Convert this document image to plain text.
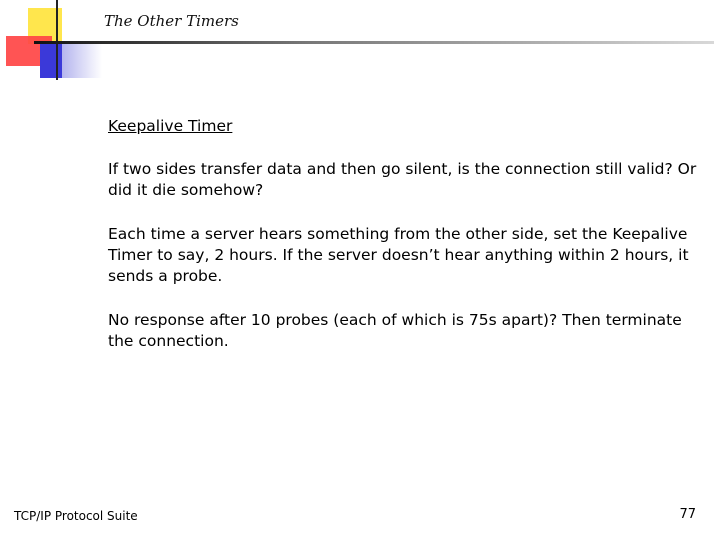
The Other Timers
Keepalive Timer

If two sides transfer data and then go silent, is the connection still valid? Or did it die somehow?

Each time a server hears something from the other side, set the Keepalive Timer to say, 2 hours. If the server doesn’t hear anything within 2 hours, it sends a probe.

No response after 10 probes (each of which is 75s apart)? Then terminate the connection.

TCP/IP Protocol Suite	77
